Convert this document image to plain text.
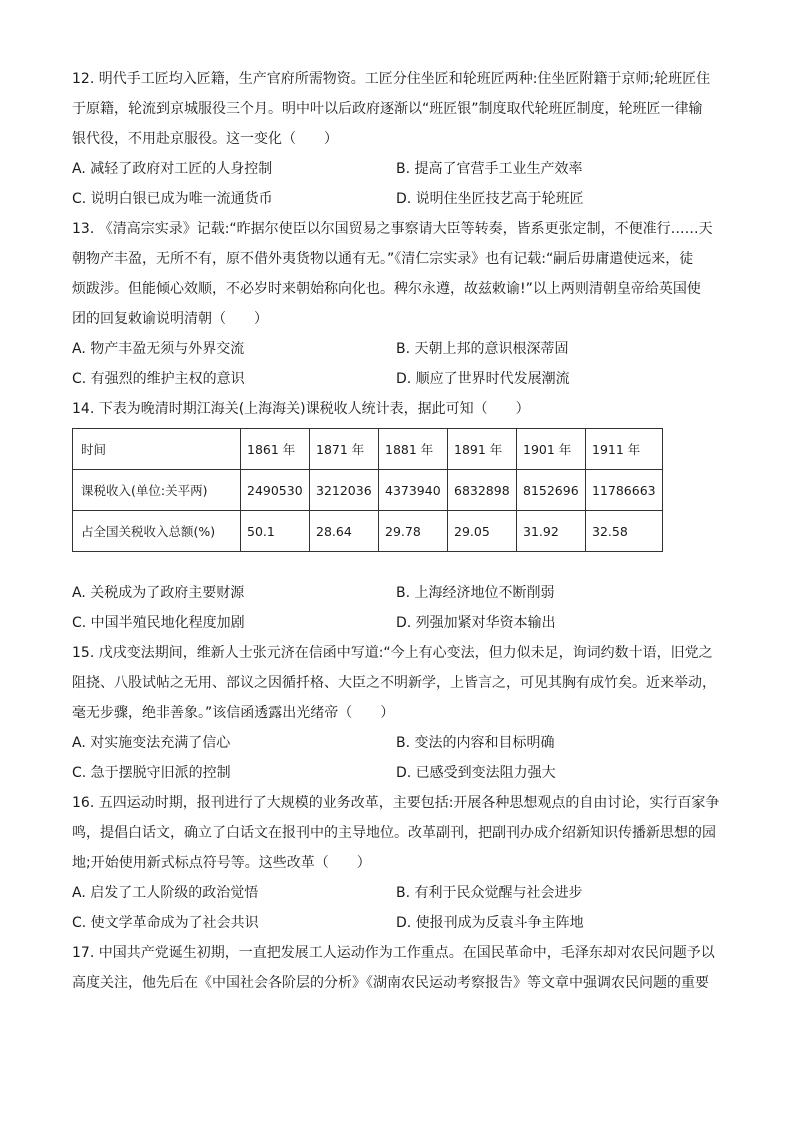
12. 明代手工匠均入匠籍，生产官府所需物资。工匠分住坐匠和轮班匠两种:住坐匠附籍于京师;轮班匠住
于原籍，轮流到京城服役三个月。明中叶以后政府逐渐以“班匠银”制度取代轮班匠制度，轮班匠一律输
银代役，不用赴京服役。这一变化（　　）

A. 减轻了政府对工匠的人身控制	B. 提高了官营手工业生产效率
C. 说明白银已成为唯一流通货币	D. 说明住坐匠技艺高于轮班匠

13. 《清高宗实录》记载:“昨据尔使臣以尔国贸易之事察请大臣等转奏，皆系更张定制，不便准行……天
朝物产丰盈，无所不有，原不借外夷货物以通有无。”《清仁宗实录》也有记载:“嗣后毋庸遣使远来，徒
烦跋涉。但能倾心效顺，不必岁时来朝始称向化也。稗尔永遵，故兹敕谕!”以上两则清朝皇帝给英国使
团的回复敕谕说明清朝（　　）

A. 物产丰盈无须与外界交流	B. 天朝上邦的意识根深蒂固
C. 有强烈的维护主权的意识	D. 顺应了世界时代发展潮流

14. 下表为晚清时期江海关(上海海关)课税收人统计表，据此可知（　　）

时间	1861 年	1871 年	1881 年	1891 年	1901 年	1911 年
课税收入(单位:关平两)	2490530	3212036	4373940	6832898	8152696	11786663
占全国关税收入总额(%)	50.1	28.64	29.78	29.05	31.92	32.58
A. 关税成为了政府主要财源	B. 上海经济地位不断削弱
C. 中国半殖民地化程度加剧	D. 列强加紧对华资本输出

15. 戊戌变法期间，维新人士张元济在信函中写道:“今上有心变法，但力似未足，询词约数十语，旧党之
阻挠、八股试帖之无用、部议之因循扦格、大臣之不明新学，上皆言之，可见其胸有成竹矣。近来举动，
毫无步骤，绝非善象。”该信函透露出光绪帝（　　）

A. 对实施变法充满了信心	B. 变法的内容和目标明确
C. 急于摆脱守旧派的控制	D. 已感受到变法阻力强大

16. 五四运动时期，报刊进行了大规模的业务改革，主要包括:开展各种思想观点的自由讨论，实行百家争
鸣，提倡白话文，确立了白话文在报刊中的主导地位。改革副刊，把副刊办成介绍新知识传播新思想的园
地;开始使用新式标点符号等。这些改革（　　）

A. 启发了工人阶级的政治觉悟	B. 有利于民众觉醒与社会进步
C. 使文学革命成为了社会共识	D. 使报刊成为反袁斗争主阵地

17. 中国共产党诞生初期，一直把发展工人运动作为工作重点。在国民革命中，毛泽东却对农民问题予以
高度关注，他先后在《中国社会各阶层的分析》《湖南农民运动考察报告》等文章中强调农民问题的重要
